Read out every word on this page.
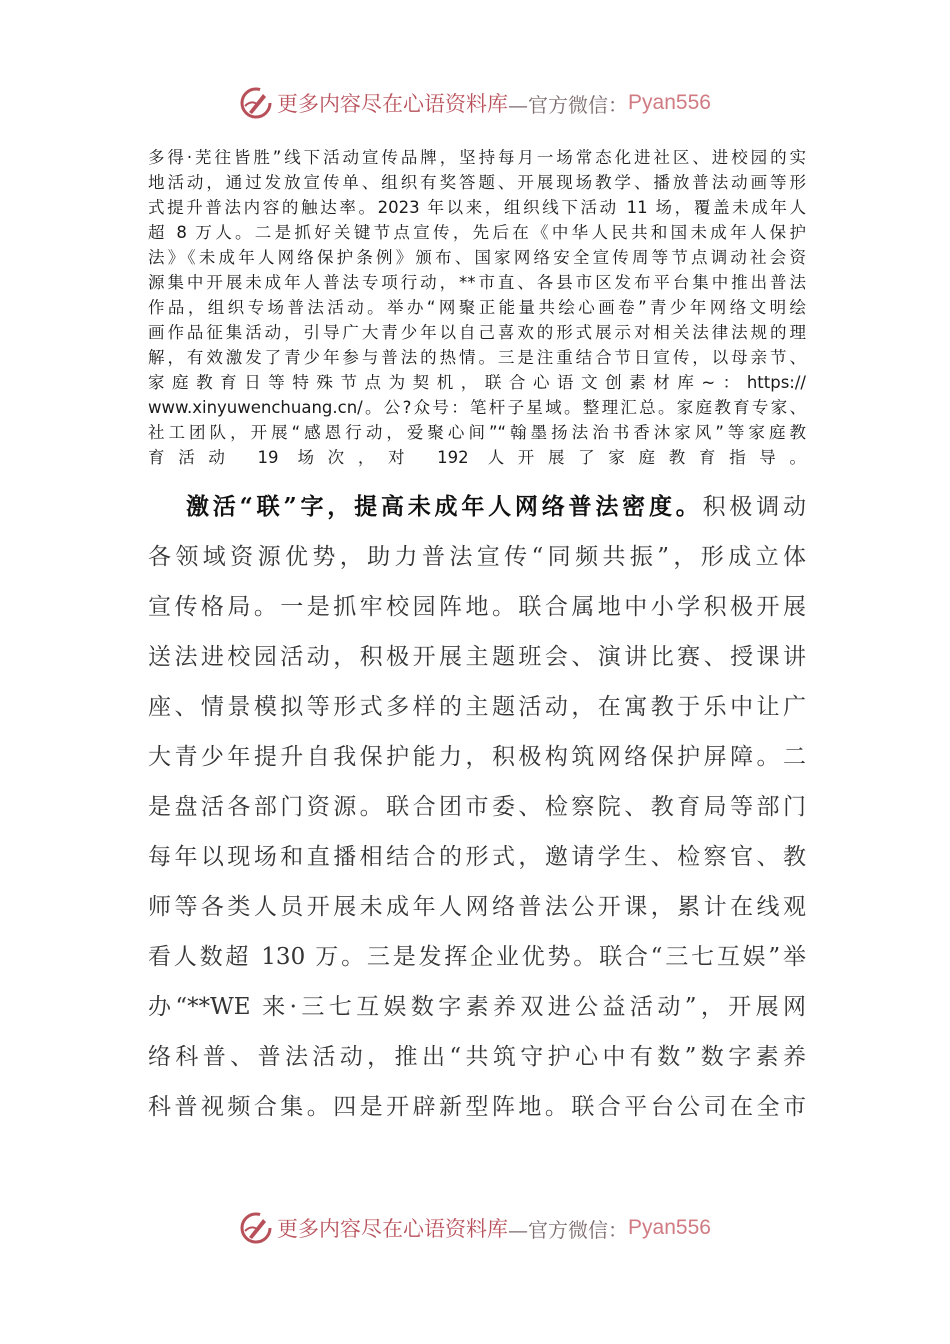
更多内容尽在心语资料库 —官方微信： Pyan556
多得·芜往皆胜”线下活动宣传品牌，坚持每月一场常态化进社区、进校园的实
地活动，通过发放宣传单、组织有奖答题、开展现场教学、播放普法动画等形
式提升普法内容的触达率。2023 年以来，组织线下活动 11 场，覆盖未成年人
超 8 万人。二是抓好关键节点宣传，先后在《中华人民共和国未成年人保护
法》《未成年人网络保护条例》颁布、国家网络安全宣传周等节点调动社会资
源集中开展未成年人普法专项行动，**市直、各县市区发布平台集中推出普法
作品，组织专场普法活动。举办“网聚正能量共绘心画卷”青少年网络文明绘
画作品征集活动，引导广大青少年以自己喜欢的形式展示对相关法律法规的理
解，有效激发了青少年参与普法的热情。三是注重结合节日宣传，以母亲节、
家庭教育日等特殊节点为契机，联合心语文创素材库~：https://
www.xinyuwenchuang.cn/。公?众号：笔杆子星域。整理汇总。家庭教育专家、
社工团队，开展“感恩行动，爱聚心间”“翰墨扬法治书香沐家风”等家庭教
育活动 19 场次，对 192 人开展了家庭教育指导。
激活“联”字，提高未成年人网络普法密度。积极调动
各领域资源优势，助力普法宣传“同频共振”，形成立体
宣传格局。一是抓牢校园阵地。联合属地中小学积极开展
送法进校园活动，积极开展主题班会、演讲比赛、授课讲
座、情景模拟等形式多样的主题活动，在寓教于乐中让广
大青少年提升自我保护能力，积极构筑网络保护屏障。二
是盘活各部门资源。联合团市委、检察院、教育局等部门
每年以现场和直播相结合的形式，邀请学生、检察官、教
师等各类人员开展未成年人网络普法公开课，累计在线观
看人数超 130 万。三是发挥企业优势。联合“三七互娱”举
办“**WE 来·三七互娱数字素养双进公益活动”，开展网
络科普、普法活动，推出“共筑守护心中有数”数字素养
科普视频合集。四是开辟新型阵地。联合平台公司在全市
更多内容尽在心语资料库 —官方微信： Pyan556
